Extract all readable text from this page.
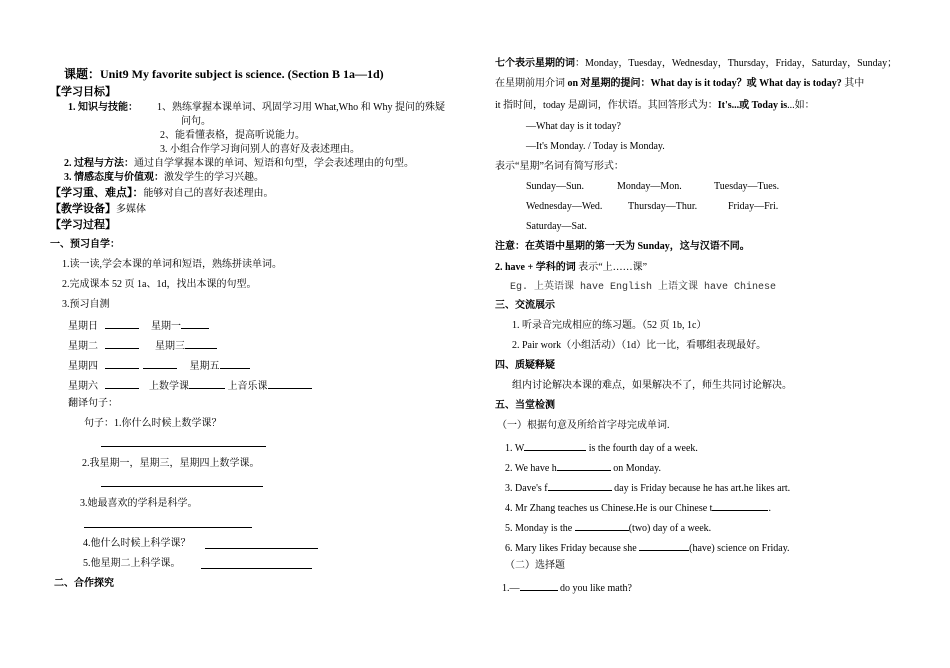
课题：Unit9 My favorite subject is science. (Section B 1a—1d)
【学习目标】
1. 知识与技能： 1、熟练掌握本课单词、巩固学习用 What,Who 和 Why 提问的殊疑
问句。
2、能看懂表格，提高听说能力。
3. 小组合作学习询问别人的喜好及表述理由。
2. 过程与方法：通过自学掌握本课的单词、短语和句型，学会表述理由的句型。
3. 情感态度与价值观：激发学生的学习兴趣。
【学习重、难点】：能够对自己的喜好表述理由。
【教学设备】多媒体
【学习过程】
一、预习自学：
1.读一读,学会本课的单词和短语，熟练拼读单词。
2.完成课本 52 页 1a、1d，找出本课的句型。
3.预习自测
星期日	星期一
星期二	星期三
星期四	星期五
星期六	上数学课	上音乐课
翻译句子：
句子：1.你什么时候上数学课？
2.我星期一，星期三，星期四上数学课。
3.她最喜欢的学科是科学。
4.他什么时候上科学课？
5.他星期二上科学课。
二、合作探究
七个表示星期的词：Monday，Tuesday，Wednesday，Thursday，Friday，Saturday，Sunday；
在星期前用介词 on 对星期的提问：What day is it today？或 What day is today? 其中
it 指时间，today 是副词，作状语。其回答形式为：It's...或 Today is...如：
—What day is it today?
—It's Monday. / Today is Monday.
表示“星期”名词有简写形式：
Sunday—Sun.	Monday—Mon.	Tuesday—Tues.
Wednesday—Wed.	Thursday—Thur.	Friday—Fri.
Saturday—Sat.
注意：在英语中星期的第一天为 Sunday，这与汉语不同。
2. have + 学科的词 表示“上……课”
Eg. 上英语课 have English 上语文课 have Chinese
三、交流展示
1. 听录音完成相应的练习题。（52 页 1b, 1c）
2. Pair work（小组活动）（1d）比一比，看哪组表现最好。
四、质疑释疑
组内讨论解决本课的难点，如果解决不了，师生共同讨论解决。
五、当堂检测
（一）根据句意及所给首字母完成单词.
1. W	is the fourth day of a week.
2. We have h	on Monday.
3. Dave's f	day is Friday because he has art.he likes art.
4. Mr Zhang teaches us Chinese.He is our Chinese t	.
5. Monday is the	(two) day of a week.
6. Mary likes Friday because she	(have) science on Friday.
（二）选择题
1.—	do you like math?
